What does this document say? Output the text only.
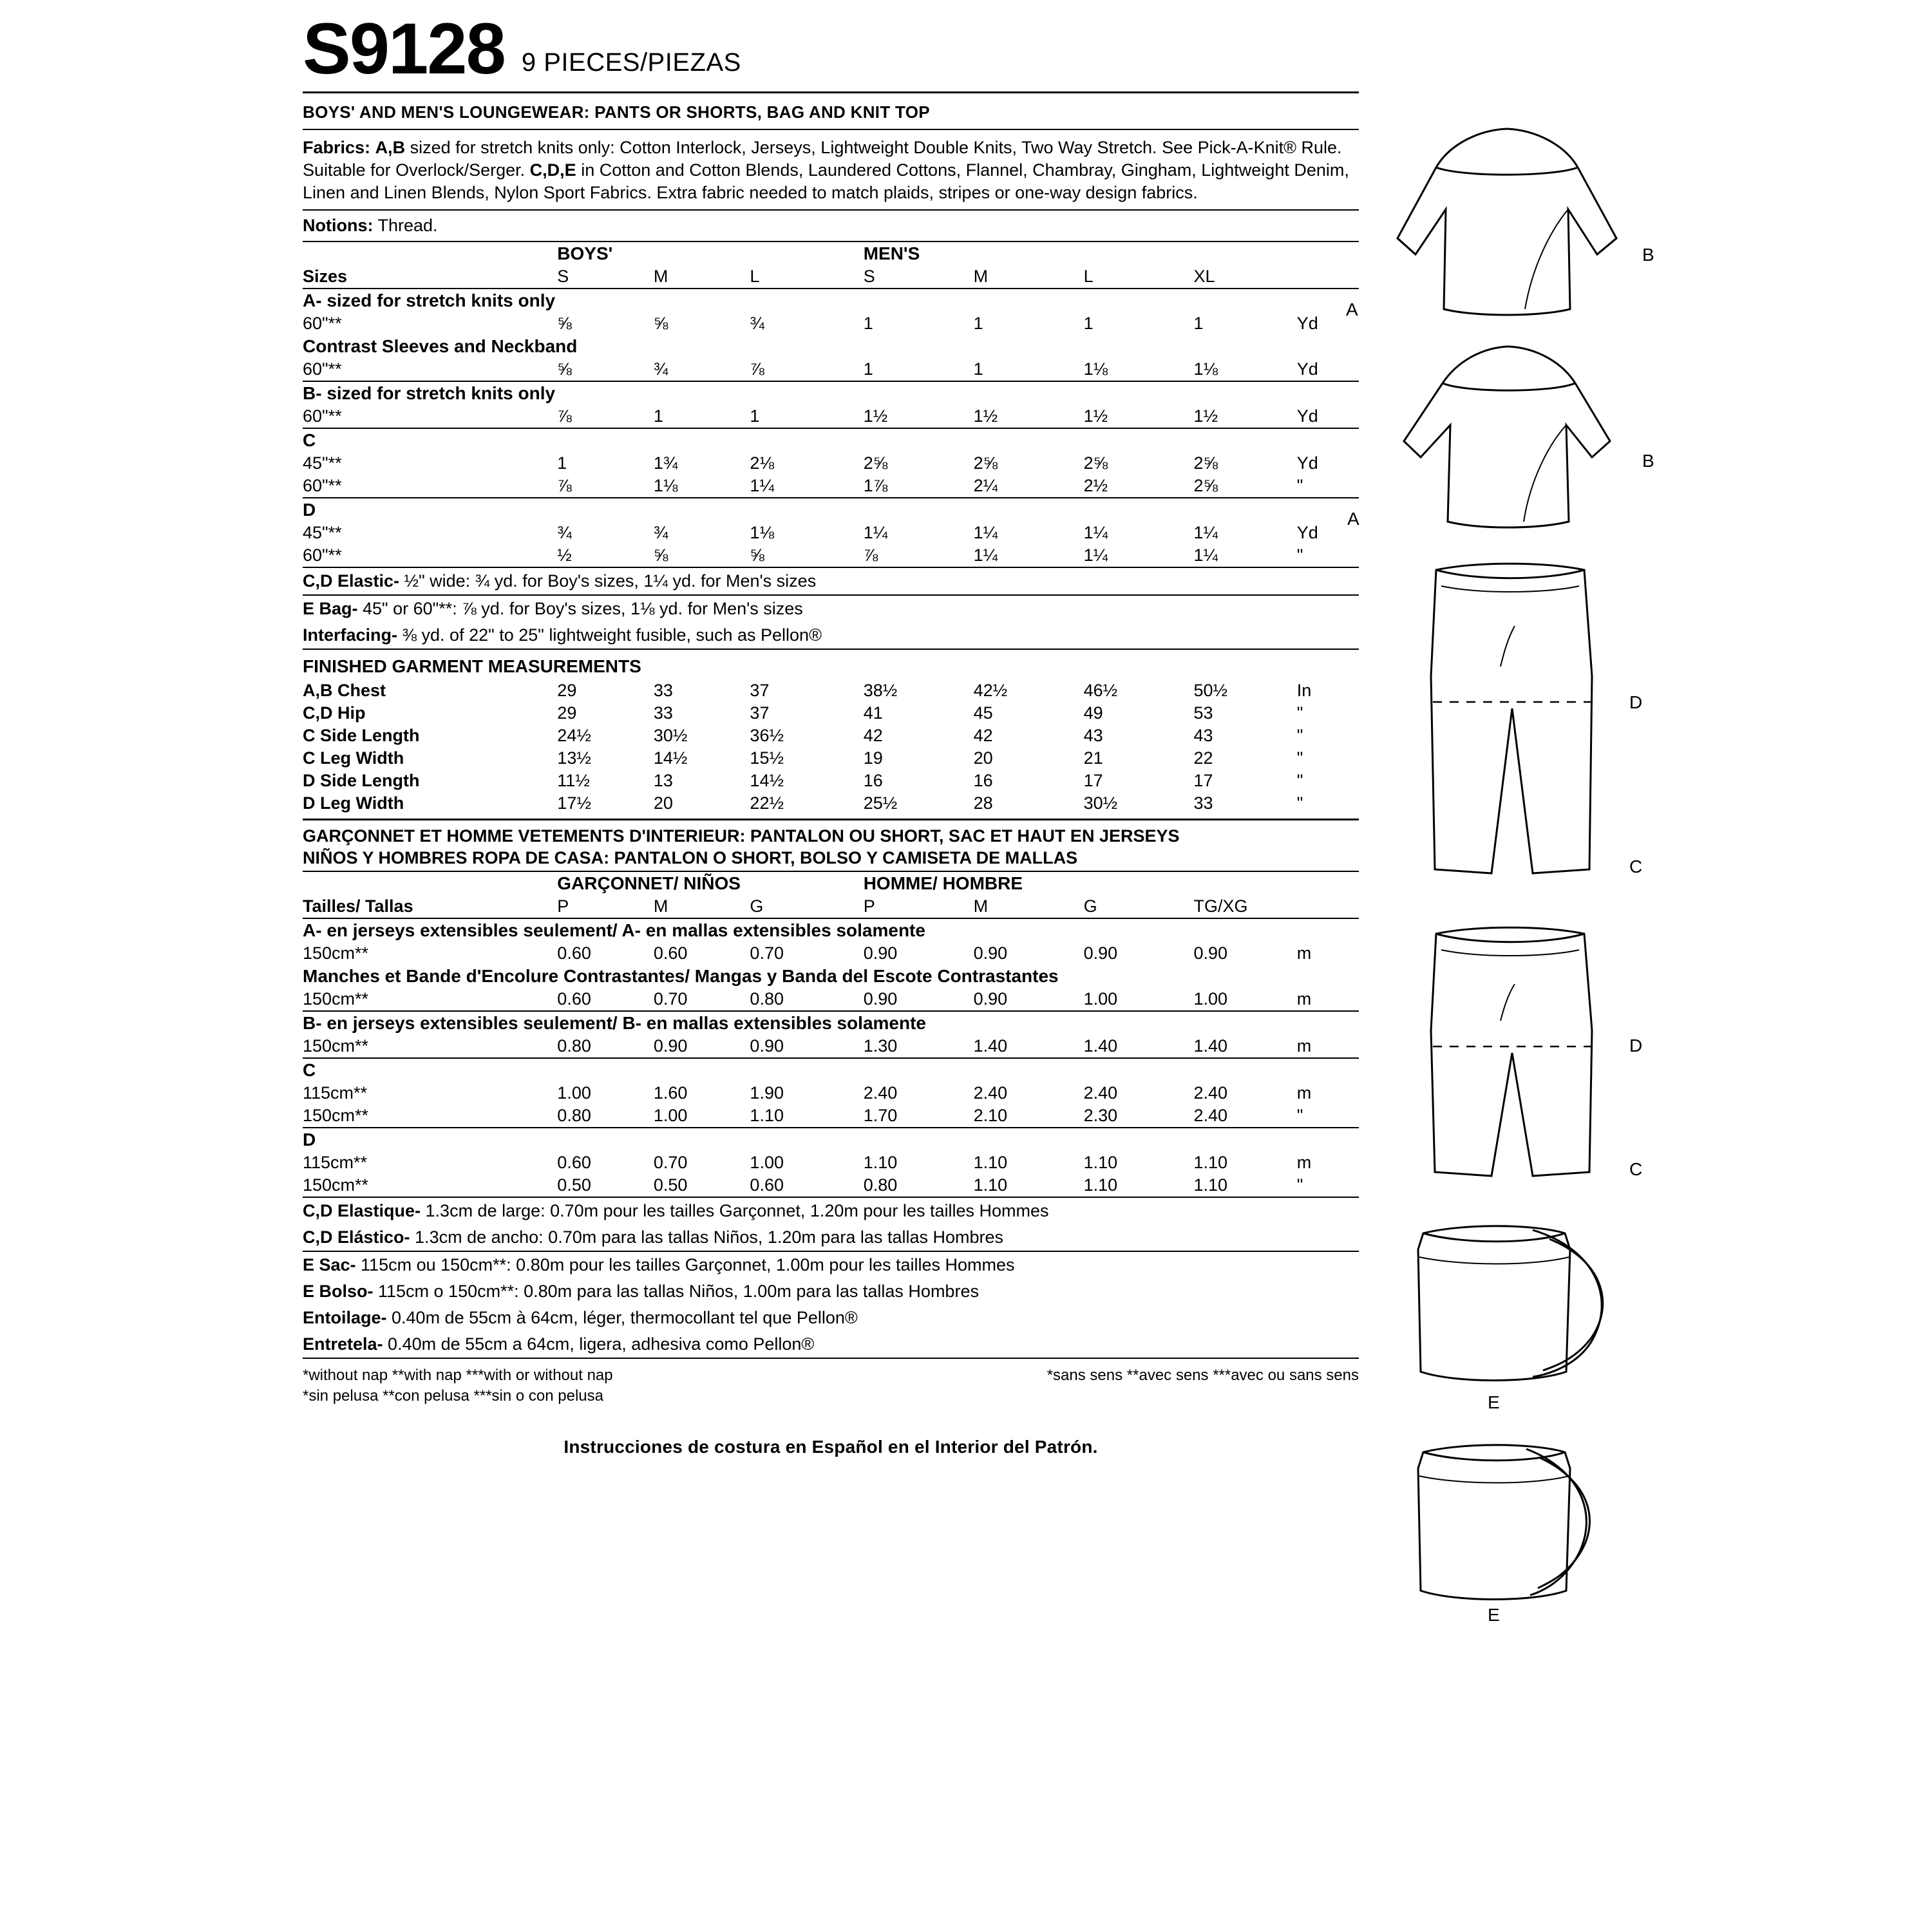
S9128 9 PIECES/PIEZAS
BOYS' AND MEN'S LOUNGEWEAR: PANTS OR SHORTS, BAG AND KNIT TOP
Fabrics: A,B sized for stretch knits only: Cotton Interlock, Jerseys, Lightweight Double Knits, Two Way Stretch. See Pick-A-Knit® Rule. Suitable for Overlock/Serger. C,D,E in Cotton and Cotton Blends, Laundered Cottons, Flannel, Chambray, Gingham, Lightweight Denim, Linen and Linen Blends, Nylon Sport Fabrics. Extra fabric needed to match plaids, stripes or one-way design fabrics.
Notions: Thread.
	BOYS'			MEN'S				
Sizes	S	M	L	S	M	L	XL	
A- sized for stretch knits only								
60"**	⅝	⅝	¾	1	1	1	1	Yd
Contrast Sleeves and Neckband								
60"**	⅝	¾	⅞	1	1	1⅛	1⅛	Yd
B- sized for stretch knits only								
60"**	⅞	1	1	1½	1½	1½	1½	Yd
C								
45"**	1	1¾	2⅛	2⅝	2⅝	2⅝	2⅝	Yd
60"**	⅞	1⅛	1¼	1⅞	2¼	2½	2⅝	"
D								
45"**	¾	¾	1⅛	1¼	1¼	1¼	1¼	Yd
60"**	½	⅝	⅝	⅞	1¼	1¼	1¼	"
C,D Elastic- ½" wide: ¾ yd. for Boy's sizes, 1¼ yd. for Men's sizes
E Bag- 45" or 60"**: ⅞ yd. for Boy's sizes, 1⅛ yd. for Men's sizes
Interfacing- ⅜ yd. of 22" to 25" lightweight fusible, such as Pellon®
FINISHED GARMENT MEASUREMENTS
A,B Chest	29	33	37	38½	42½	46½	50½	In
C,D Hip	29	33	37	41	45	49	53	"
C Side Length	24½	30½	36½	42	42	43	43	"
C Leg Width	13½	14½	15½	19	20	21	22	"
D Side Length	11½	13	14½	16	16	17	17	"
D Leg Width	17½	20	22½	25½	28	30½	33	"
GARÇONNET ET HOMME VETEMENTS D'INTERIEUR: PANTALON OU SHORT, SAC ET HAUT EN JERSEYS
NIÑOS Y HOMBRES ROPA DE CASA: PANTALON O SHORT, BOLSO Y CAMISETA DE MALLAS
	GARÇONNET/ NIÑOS			HOMME/ HOMBRE				
Tailles/ Tallas	P	M	G	P	M	G	TG/XG	
A- en jerseys extensibles seulement/ A- en mallas extensibles solamente								
150cm**	0.60	0.60	0.70	0.90	0.90	0.90	0.90	m
Manches et Bande d'Encolure Contrastantes/ Mangas y Banda del Escote Contrastantes								
150cm**	0.60	0.70	0.80	0.90	0.90	1.00	1.00	m
B- en jerseys extensibles seulement/ B- en mallas extensibles solamente								
150cm**	0.80	0.90	0.90	1.30	1.40	1.40	1.40	m
C								
115cm**	1.00	1.60	1.90	2.40	2.40	2.40	2.40	m
150cm**	0.80	1.00	1.10	1.70	2.10	2.30	2.40	"
D								
115cm**	0.60	0.70	1.00	1.10	1.10	1.10	1.10	m
150cm**	0.50	0.50	0.60	0.80	1.10	1.10	1.10	"
C,D Elastique- 1.3cm de large: 0.70m pour les tailles Garçonnet, 1.20m pour les tailles Hommes
C,D Elástico- 1.3cm de ancho: 0.70m para las tallas Niños, 1.20m para las tallas Hombres
E Sac- 115cm ou 150cm**: 0.80m pour les tailles Garçonnet, 1.00m pour les tailles Hommes
E Bolso- 115cm o 150cm**: 0.80m para las tallas Niños, 1.00m para las tallas Hombres
Entoilage- 0.40m de 55cm à 64cm, léger, thermocollant tel que Pellon®
Entretela- 0.40m de 55cm a 64cm, ligera, adhesiva como Pellon®
*without nap **with nap ***with or without nap
*sin pelusa **con pelusa ***sin o con pelusa
*sans sens **avec sens ***avec ou sans sens
Instrucciones de costura en Español en el Interior del Patrón.
A
B
A
B
D
C
D
C
E
E
